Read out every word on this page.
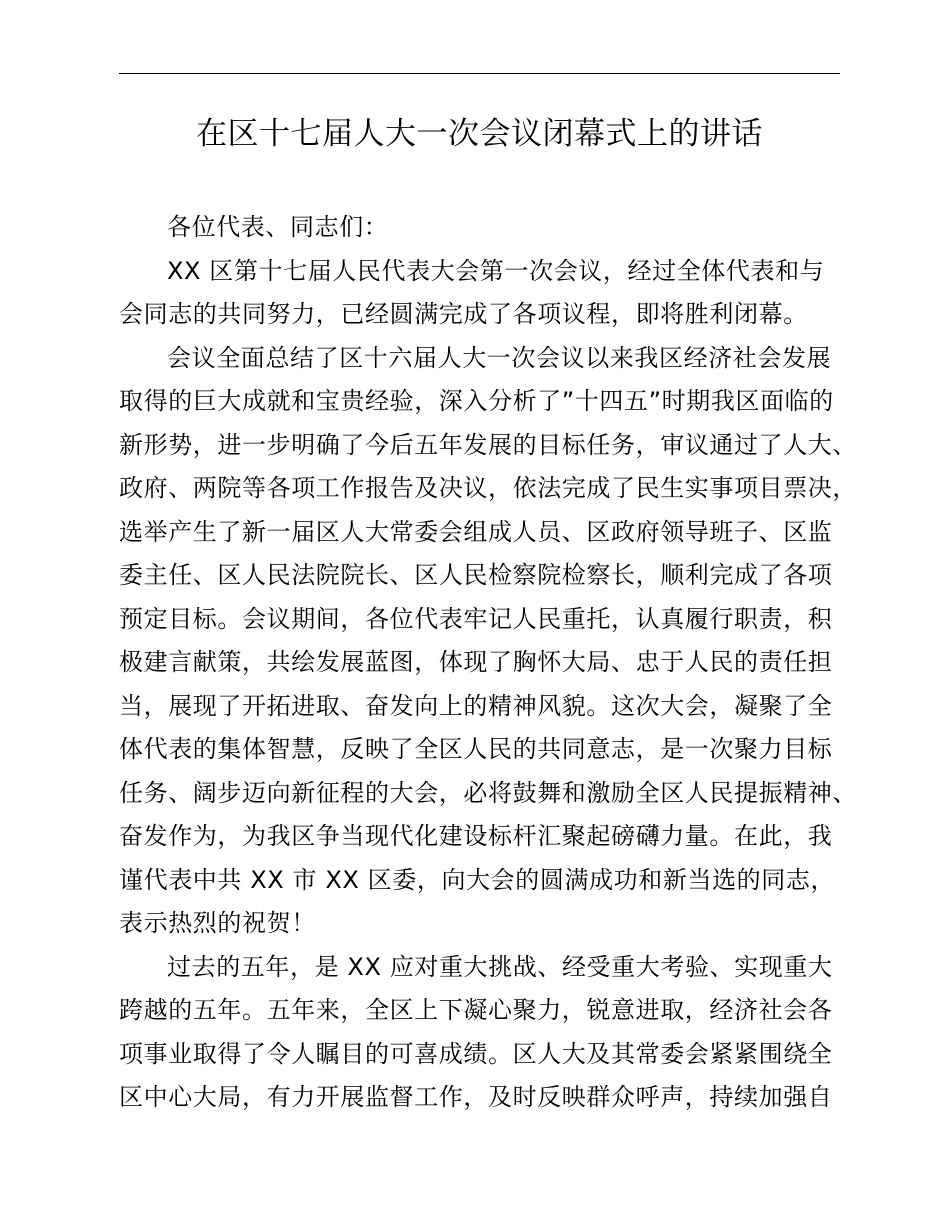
在区十七届人大一次会议闭幕式上的讲话
各位代表、同志们：
XX 区第十七届人民代表大会第一次会议，经过全体代表和与
会同志的共同努力，已经圆满完成了各项议程，即将胜利闭幕。
会议全面总结了区十六届人大一次会议以来我区经济社会发展
取得的巨大成就和宝贵经验，深入分析了”十四五”时期我区面临的
新形势，进一步明确了今后五年发展的目标任务，审议通过了人大、
政府、两院等各项工作报告及决议，依法完成了民生实事项目票决，
选举产生了新一届区人大常委会组成人员、区政府领导班子、区监
委主任、区人民法院院长、区人民检察院检察长，顺利完成了各项
预定目标。会议期间，各位代表牢记人民重托，认真履行职责，积
极建言献策，共绘发展蓝图，体现了胸怀大局、忠于人民的责任担
当，展现了开拓进取、奋发向上的精神风貌。这次大会，凝聚了全
体代表的集体智慧，反映了全区人民的共同意志，是一次聚力目标
任务、阔步迈向新征程的大会，必将鼓舞和激励全区人民提振精神、
奋发作为，为我区争当现代化建设标杆汇聚起磅礴力量。在此，我
谨代表中共 XX 市 XX 区委，向大会的圆满成功和新当选的同志，
表示热烈的祝贺！
过去的五年，是 XX 应对重大挑战、经受重大考验、实现重大
跨越的五年。五年来，全区上下凝心聚力，锐意进取，经济社会各
项事业取得了令人瞩目的可喜成绩。区人大及其常委会紧紧围绕全
区中心大局，有力开展监督工作，及时反映群众呼声，持续加强自
